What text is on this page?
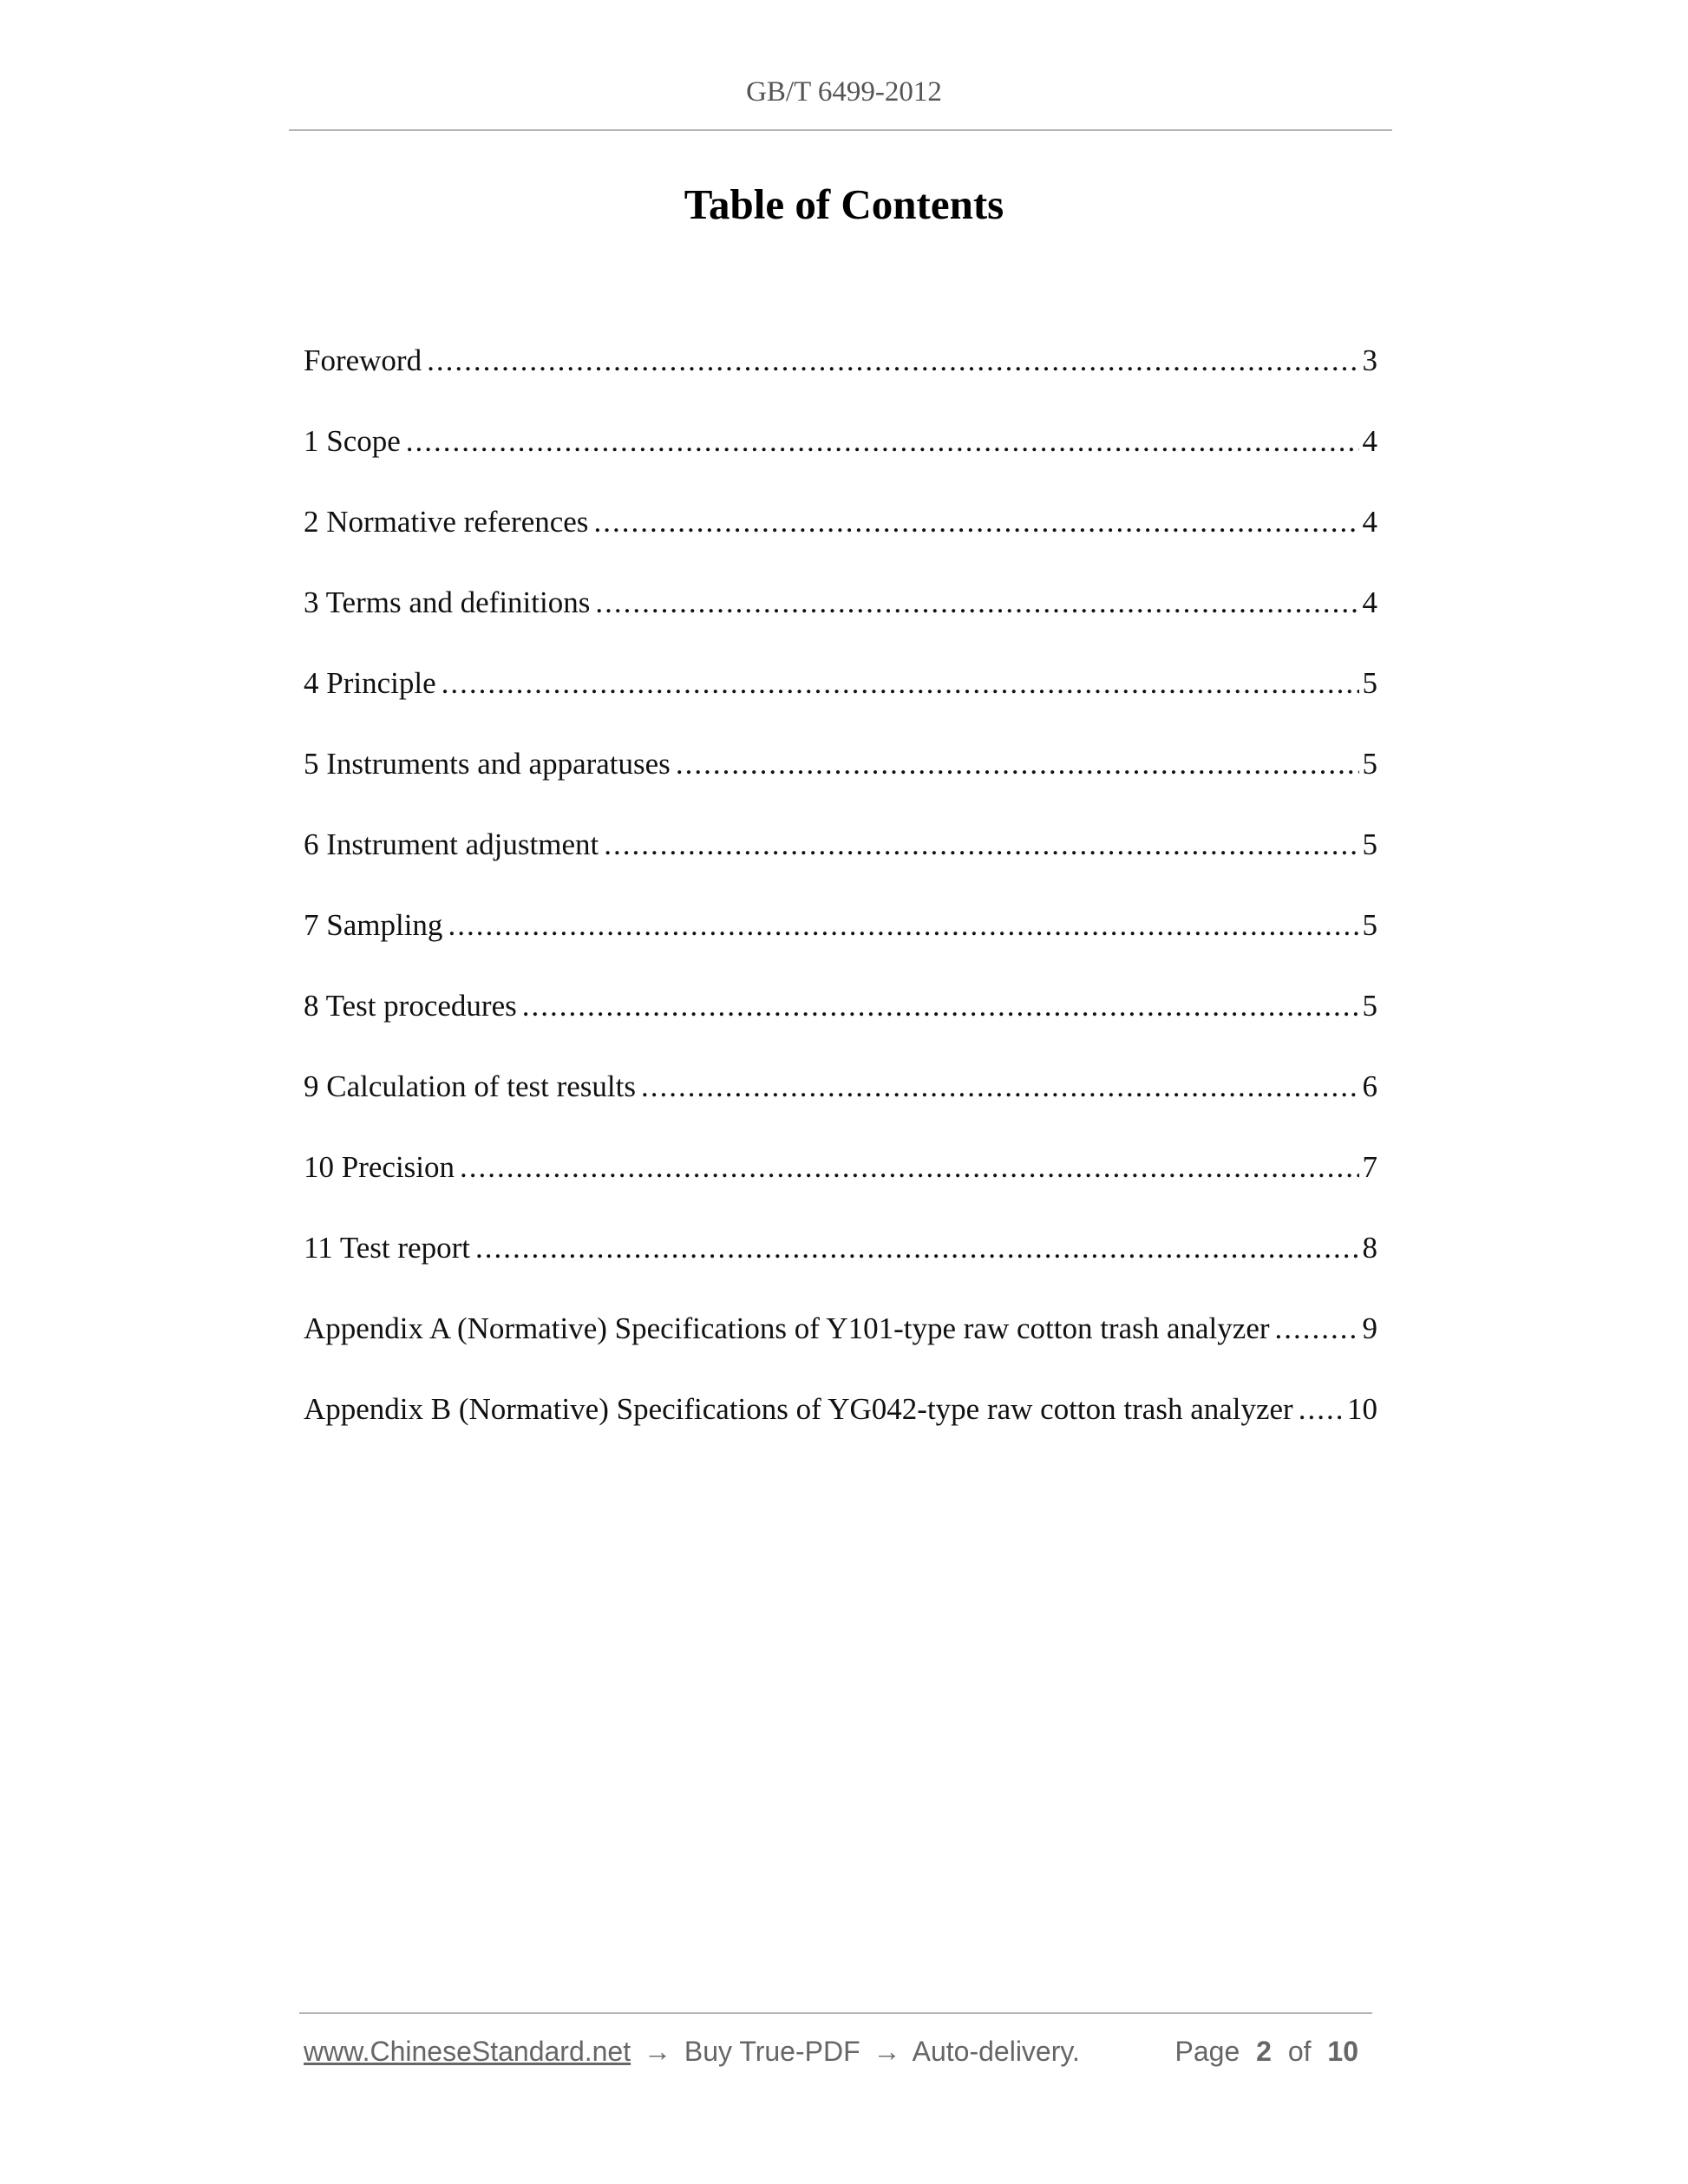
GB/T 6499-2012
Table of Contents
Foreword .....	3
1 Scope .....	4
2 Normative references .....	4
3 Terms and definitions .....	4
4 Principle .....	5
5 Instruments and apparatuses .....	5
6 Instrument adjustment .....	5
7 Sampling .....	5
8 Test procedures .....	5
9 Calculation of test results .....	6
10 Precision .....	7
11 Test report .....	8
Appendix A (Normative) Specifications of Y101-type raw cotton trash analyzer .....	9
Appendix B (Normative) Specifications of YG042-type raw cotton trash analyzer ..... 10
www.ChineseStandard.net → Buy True-PDF → Auto-delivery.	Page 2 of 10
